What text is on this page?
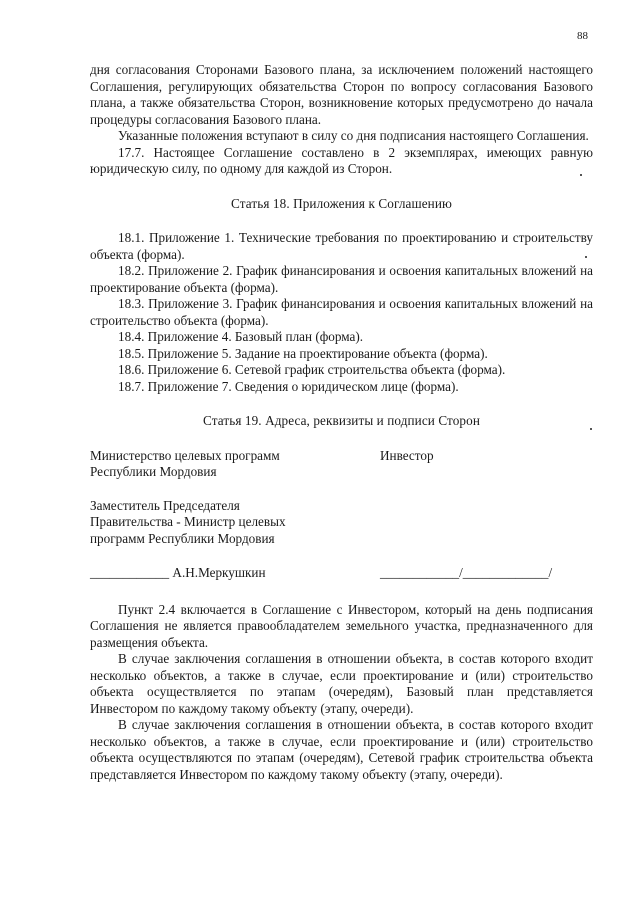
88

дня согласования Сторонами Базового плана, за исключением положений настоящего Соглашения, регулирующих обязательства Сторон по вопросу согласования Базового плана, а также обязательства Сторон, возникновение которых предусмотрено до начала процедуры согласования Базового плана.

Указанные положения вступают в силу со дня подписания настоящего Соглашения.

17.7. Настоящее Соглашение составлено в 2 экземплярах, имеющих равную юридическую силу, по одному для каждой из Сторон.

Статья 18. Приложения к Соглашению

18.1. Приложение 1. Технические требования по проектированию и строительству объекта (форма).

18.2. Приложение 2. График финансирования и освоения капитальных вложений на проектирование объекта (форма).

18.3. Приложение 3. График финансирования и освоения капитальных вложений на строительство объекта (форма).

18.4. Приложение 4. Базовый план (форма).

18.5. Приложение 5. Задание на проектирование объекта (форма).

18.6. Приложение 6. Сетевой график строительства объекта (форма).

18.7. Приложение 7. Сведения о юридическом лице (форма).

Статья 19. Адреса, реквизиты и подписи Сторон
Министерство целевых программ
Республики Мордовия
Инвестор
Заместитель Председателя
Правительства - Министр целевых
программ Республики Мордовия
____________ А.Н.Меркушкин	____________/_____________/

Пункт 2.4 включается в Соглашение с Инвестором, который на день подписания Соглашения не является правообладателем земельного участка, предназначенного для размещения объекта.

В случае заключения соглашения в отношении объекта, в состав которого входит несколько объектов, а также в случае, если проектирование и (или) строительство объекта осуществляется по этапам (очередям), Базовый план представляется Инвестором по каждому такому объекту (этапу, очереди).

В случае заключения соглашения в отношении объекта, в состав которого входит несколько объектов, а также в случае, если проектирование и (или) строительство объекта осуществляются по этапам (очередям), Сетевой график строительства объекта представляется Инвестором по каждому такому объекту (этапу, очереди).
